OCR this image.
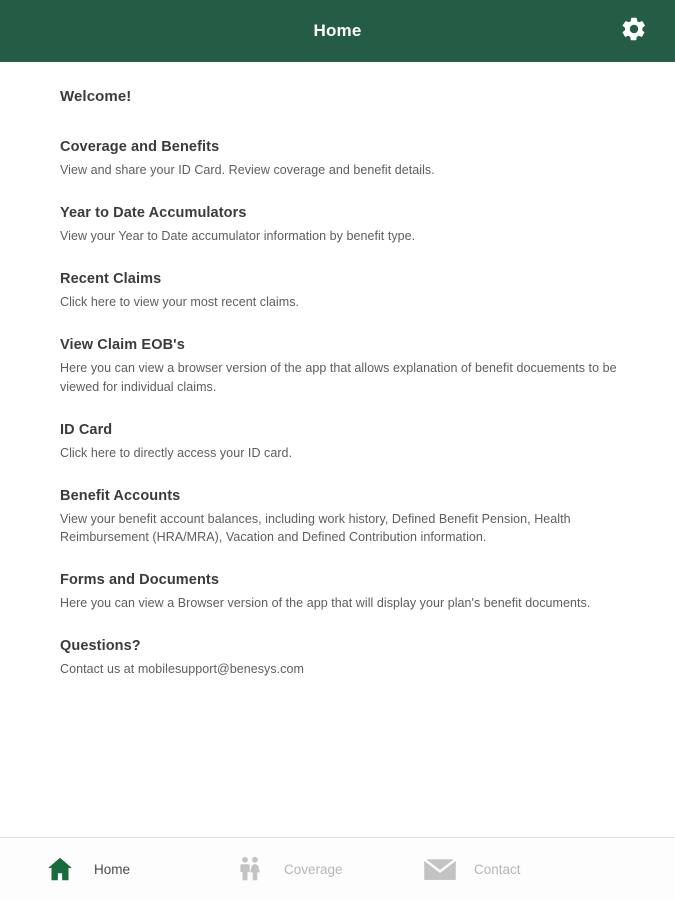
Home
Welcome!
Coverage and Benefits
View and share your ID Card. Review coverage and benefit details.
Year to Date Accumulators
View your Year to Date accumulator information by benefit type.
Recent Claims
Click here to view your most recent claims.
View Claim EOB's
Here you can view a browser version of the app that allows explanation of benefit docuements to be viewed for individual claims.
ID Card
Click here to directly access your ID card.
Benefit Accounts
View your benefit account balances, including work history, Defined Benefit Pension, Health Reimbursement (HRA/MRA), Vacation and Defined Contribution information.
Forms and Documents
Here you can view a Browser version of the app that will display your plan's benefit documents.
Questions?
Contact us at mobilesupport@benesys.com
Home	Coverage	Contact
